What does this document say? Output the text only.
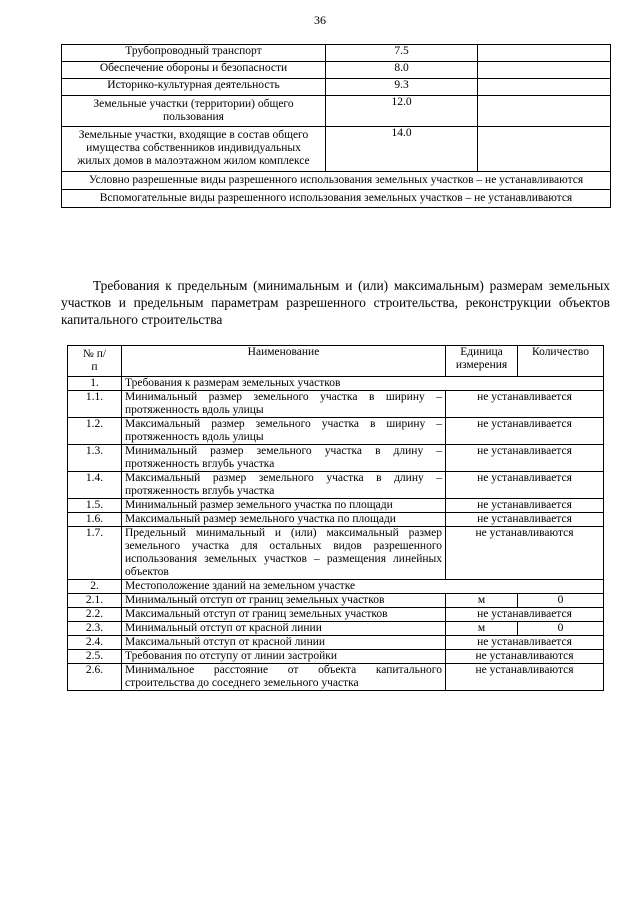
36
Трубопроводный транспорт	7.5	
Обеспечение обороны и безопасности	8.0	
Историко-культурная деятельность	9.3	
Земельные участки (территории) общего пользования	12.0	
Земельные участки, входящие в состав общего имущества собственников индивидуальных жилых домов в малоэтажном жилом комплексе	14.0	
Условно разрешенные виды разрешенного использования земельных участков – не устанавливаются		
Вспомогательные виды разрешенного использования земельных участков – не устанавливаются		
Требования к предельным (минимальным и (или) максимальным) размерам земельных участков и предельным параметрам разрешенного строительства, реконструкции объектов капитального строительства
№ п/п	Наименование	Единица измерения	Количество
1.	Требования к размерам земельных участков		
1.1.	Минимальный размер земельного участка в ширину – протяженность вдоль улицы	не устанавливается	
1.2.	Максимальный размер земельного участка в ширину – протяженность вдоль улицы	не устанавливается	
1.3.	Минимальный размер земельного участка в длину – протяженность вглубь участка	не устанавливается	
1.4.	Максимальный размер земельного участка в длину – протяженность вглубь участка	не устанавливается	
1.5.	Минимальный размер земельного участка по площади	не устанавливается	
1.6.	Максимальный размер земельного участка по площади	не устанавливается	
1.7.	Предельный минимальный и (или) максимальный размер земельного участка для остальных видов разрешенного использования земельных участков – размещения линейных объектов	не устанавливаются	
2.	Местоположение зданий на земельном участке		
2.1.	Минимальный отступ от границ земельных участков	м	0
2.2.	Максимальный отступ от границ земельных участков	не устанавливается	
2.3.	Минимальный отступ от красной линии	м	0
2.4.	Максимальный отступ от красной линии	не устанавливается	
2.5.	Требования по отступу от линии застройки	не устанавливаются	
2.6.	Минимальное расстояние от объекта капитального строительства до соседнего земельного участка	не устанавливаются	
